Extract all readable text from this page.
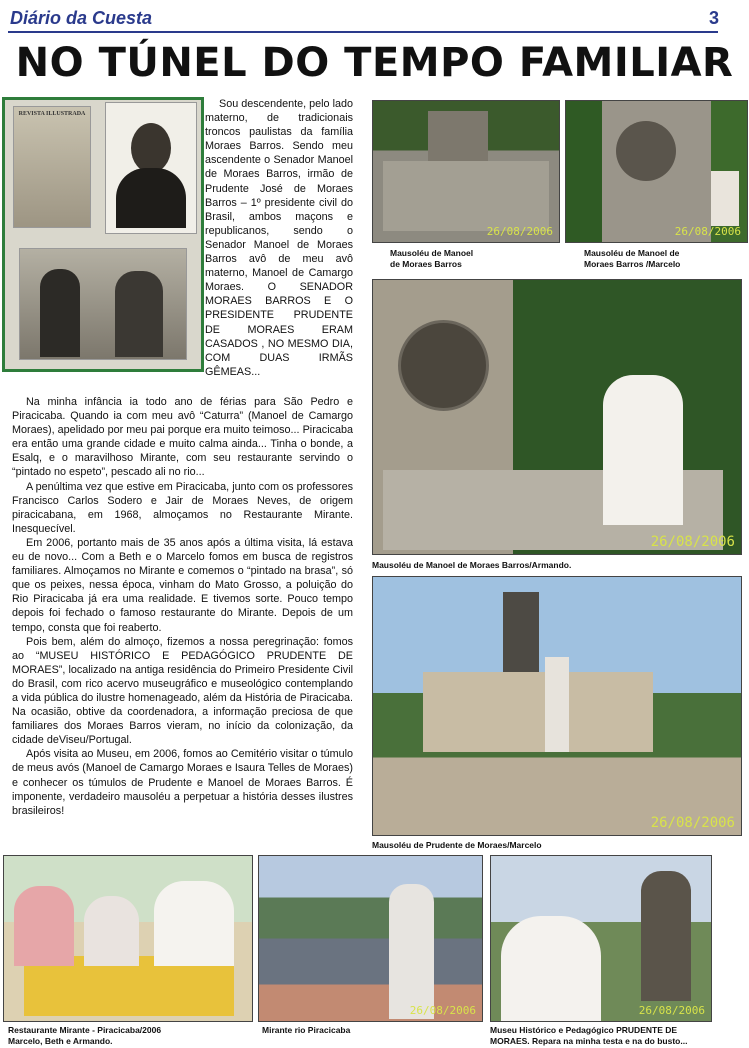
Diário da Cuesta	3
NO TÚNEL DO TEMPO FAMILIAR
REVISTA ILLUSTRADA

Sou descendente, pelo lado materno, de tradicionais troncos paulistas da família Moraes Barros. Sendo meu ascendente o Senador Manoel de Moraes Barros, irmão de Prudente José de Moraes Barros – 1º presidente civil do Brasil, ambos maçons e republicanos, sendo o Senador Manoel de Moraes Barros avô de meu avô materno, Manoel de Camargo Moraes. O SENADOR MORAES BARROS E O PRESIDENTE PRUDENTE DE MORAES ERAM CASADOS , NO MESMO DIA, COM DUAS IRMÃS GÊMEAS...

Na minha infância ia todo ano de férias para São Pedro e Piracicaba. Quando ia com meu avô “Caturra” (Manoel de Camargo Moraes), apelidado por meu pai porque era muito teimoso... Piracicaba era então uma grande cidade e muito calma ainda... Tinha o bonde, a Esalq, e o maravilhoso Mirante, com seu restaurante servindo o “pintado no espeto”, pescado ali no rio...

A penúltima vez que estive em Piracicaba, junto com os professores Francisco Carlos Sodero e Jair de Moraes Neves, de origem piracicabana, em 1968, almoçamos no Restaurante Mirante. Inesquecível.

Em 2006, portanto mais de 35 anos após a última visita, lá estava eu de novo... Com a Beth e o Marcelo fomos em busca de registros familiares. Almoçamos no Mirante e comemos o “pintado na brasa”, só que os peixes, nessa época, vinham do Mato Grosso, a poluição do Rio Piracicaba já era uma realidade. E tivemos sorte. Pouco tempo depois foi fechado o famoso restaurante do Mirante. Depois de um tempo, consta que foi reaberto.

Pois bem, além do almoço, fizemos a nossa peregrinação: fomos ao “MUSEU HISTÓRICO E PEDAGÓGICO PRUDENTE DE MORAES”, localizado na antiga residência do Primeiro Presidente Civil do Brasil, com rico acervo museugráfico e museológico contemplando a vida pública do ilustre homenageado, além da História de Piracicaba. Na ocasião, obtive da coordenadora, a informação preciosa de que familiares dos Moraes Barros vieram, no início da colonização, da cidade deViseu/Portugal.

Após visita ao Museu, em 2006, fomos ao Cemitério visitar o túmulo de meus avós (Manoel de Camargo Moraes e Isaura Telles de Moraes) e conhecer os túmulos de Prudente e Manoel de Moraes Barros. É imponente, verdadeiro mausoléu a perpetuar a história desses ilustres brasileiros!

26/08/2006
Mausoléu de Manoel
de Moraes Barros
26/08/2006
Mausoléu de Manoel de
Moraes Barros /Marcelo
26/08/2006
Mausoléu de Manoel de Moraes Barros/Armando.
26/08/2006
Mausoléu de Prudente de Moraes/Marcelo
Restaurante Mirante - Piracicaba/2006
Marcelo, Beth e Armando.
26/08/2006
Mirante rio Piracicaba
26/08/2006
Museu Histórico e Pedagógico PRUDENTE DE
MORAES. Repara na minha testa e na do busto...
